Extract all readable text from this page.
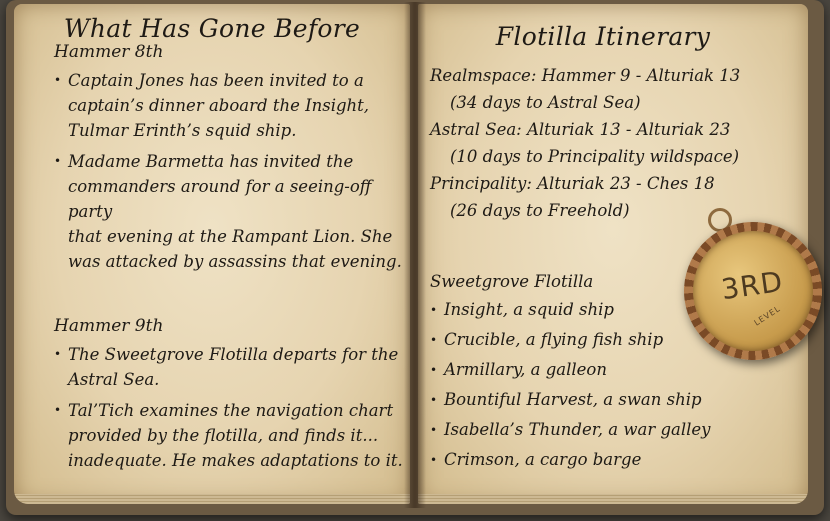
What Has Gone Before

Hammer 8th

• Captain Jones has been invited to a
captain’s dinner aboard the Insight,
Tulmar Erinth’s squid ship.
• Madame Barmetta has invited the
commanders around for a seeing-off party
that evening at the Rampant Lion. She
was attacked by assassins that evening.

Hammer 9th

• The Sweetgrove Flotilla departs for the
Astral Sea.
• Tal’Tich examines the navigation chart
provided by the flotilla, and finds it...
inadequate. He makes adaptations to it.
Flotilla Itinerary
Realmspace: Hammer 9 - Alturiak 13
(34 days to Astral Sea)
Astral Sea: Alturiak 13 - Alturiak 23
(10 days to Principality wildspace)
Principality: Alturiak 23 - Ches 18
(26 days to Freehold)

Sweetgrove Flotilla

• Insight, a squid ship
• Crucible, a flying fish ship
• Armillary, a galleon
• Bountiful Harvest, a swan ship
• Isabella’s Thunder, a war galley
• Crimson, a cargo barge
3RD
LEVEL
